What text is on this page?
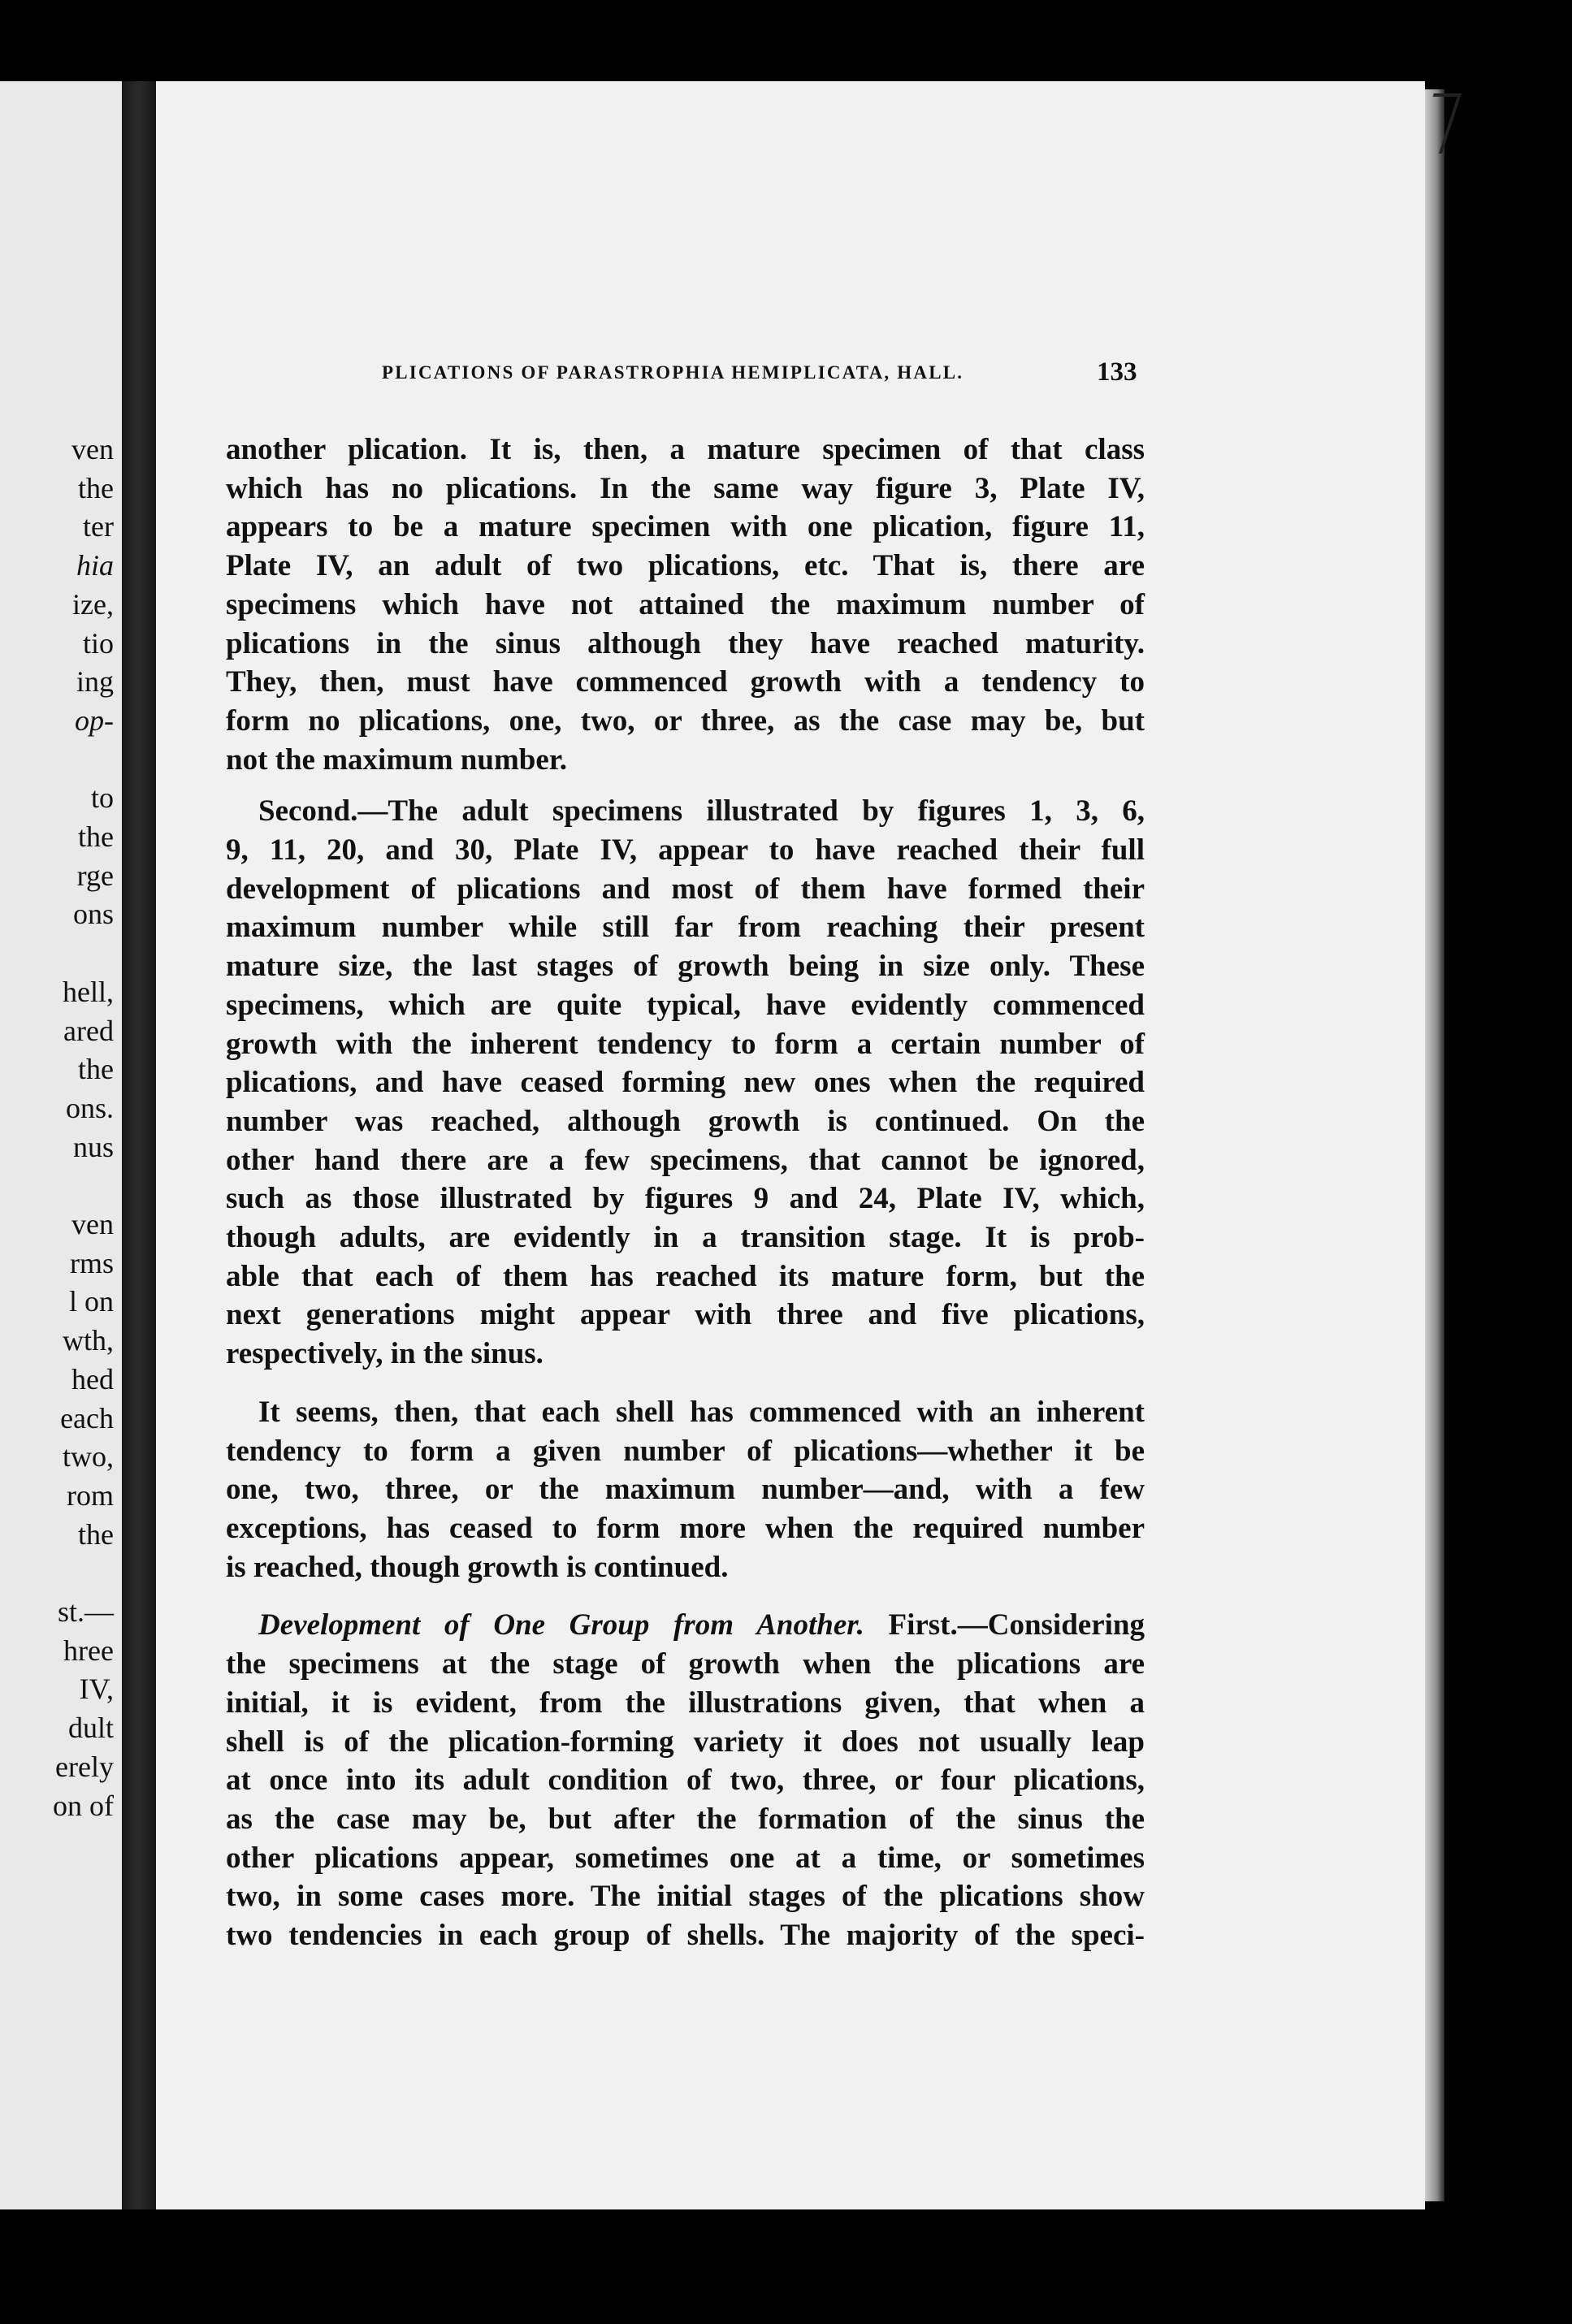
ven
the
ter
hia
ize,
tio
ing
op-
to
the
rge
ons
hell,
ared
the
ons.
nus
ven
rms
l on
wth,
hed
each
two,
rom
the
st.—
hree
IV,
dult
erely
on of
PLICATIONS OF PARASTROPHIA HEMIPLICATA, HALL.	133
another plication. It is, then, a mature specimen of that class
which has no plications. In the same way figure 3, Plate IV,
appears to be a mature specimen with one plication, figure 11,
Plate IV, an adult of two plications, etc. That is, there are
specimens which have not attained the maximum number of
plications in the sinus although they have reached maturity.
They, then, must have commenced growth with a tendency to
form no plications, one, two, or three, as the case may be, but
not the maximum number.
Second.—The adult specimens illustrated by figures 1, 3, 6,
9, 11, 20, and 30, Plate IV, appear to have reached their full
development of plications and most of them have formed their
maximum number while still far from reaching their present
mature size, the last stages of growth being in size only. These
specimens, which are quite typical, have evidently commenced
growth with the inherent tendency to form a certain number of
plications, and have ceased forming new ones when the required
number was reached, although growth is continued. On the
other hand there are a few specimens, that cannot be ignored,
such as those illustrated by figures 9 and 24, Plate IV, which,
though adults, are evidently in a transition stage. It is prob-
able that each of them has reached its mature form, but the
next generations might appear with three and five plications,
respectively, in the sinus.
It seems, then, that each shell has commenced with an inherent
tendency to form a given number of plications—whether it be
one, two, three, or the maximum number—and, with a few
exceptions, has ceased to form more when the required number
is reached, though growth is continued.
Development of One Group from Another. First.—Considering
the specimens at the stage of growth when the plications are
initial, it is evident, from the illustrations given, that when a
shell is of the plication-forming variety it does not usually leap
at once into its adult condition of two, three, or four plications,
as the case may be, but after the formation of the sinus the
other plications appear, sometimes one at a time, or sometimes
two, in some cases more. The initial stages of the plications show
two tendencies in each group of shells. The majority of the speci-
